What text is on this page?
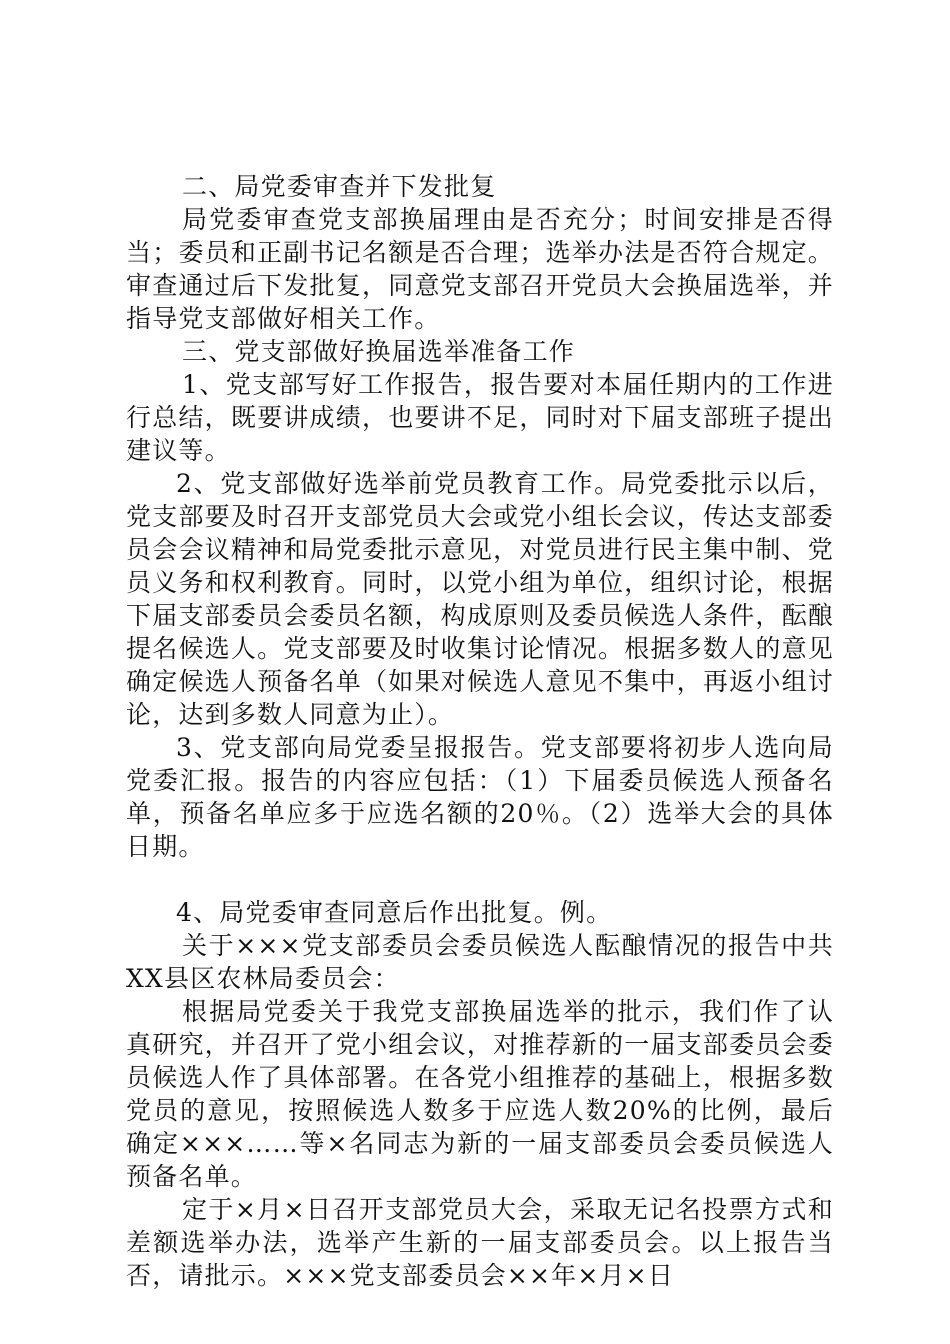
二、局党委审查并下发批复

局党委审查党支部换届理由是否充分；时间安排是否得当；委员和正副书记名额是否合理；选举办法是否符合规定。审查通过后下发批复，同意党支部召开党员大会换届选举，并指导党支部做好相关工作。

三、党支部做好换届选举准备工作

1、党支部写好工作报告，报告要对本届任期内的工作进行总结，既要讲成绩，也要讲不足，同时对下届支部班子提出建议等。

2、党支部做好选举前党员教育工作。局党委批示以后，党支部要及时召开支部党员大会或党小组长会议，传达支部委员会会议精神和局党委批示意见，对党员进行民主集中制、党员义务和权利教育。同时，以党小组为单位，组织讨论，根据下届支部委员会委员名额，构成原则及委员候选人条件，酝酿提名候选人。党支部要及时收集讨论情况。根据多数人的意见确定候选人预备名单（如果对候选人意见不集中，再返小组讨论，达到多数人同意为止）。

3、党支部向局党委呈报报告。党支部要将初步人选向局党委汇报。报告的内容应包括：（1）下届委员候选人预备名单，预备名单应多于应选名额的20％。（2）选举大会的具体日期。

4、局党委审查同意后作出批复。例。

关于×××党支部委员会委员候选人酝酿情况的报告中共XX县区农林局委员会：

根据局党委关于我党支部换届选举的批示，我们作了认真研究，并召开了党小组会议，对推荐新的一届支部委员会委员候选人作了具体部署。在各党小组推荐的基础上，根据多数党员的意见，按照候选人数多于应选人数20%的比例，最后确定×××……等×名同志为新的一届支部委员会委员候选人预备名单。

定于×月×日召开支部党员大会，采取无记名投票方式和差额选举办法，选举产生新的一届支部委员会。以上报告当否，请批示。×××党支部委员会××年×月×日
